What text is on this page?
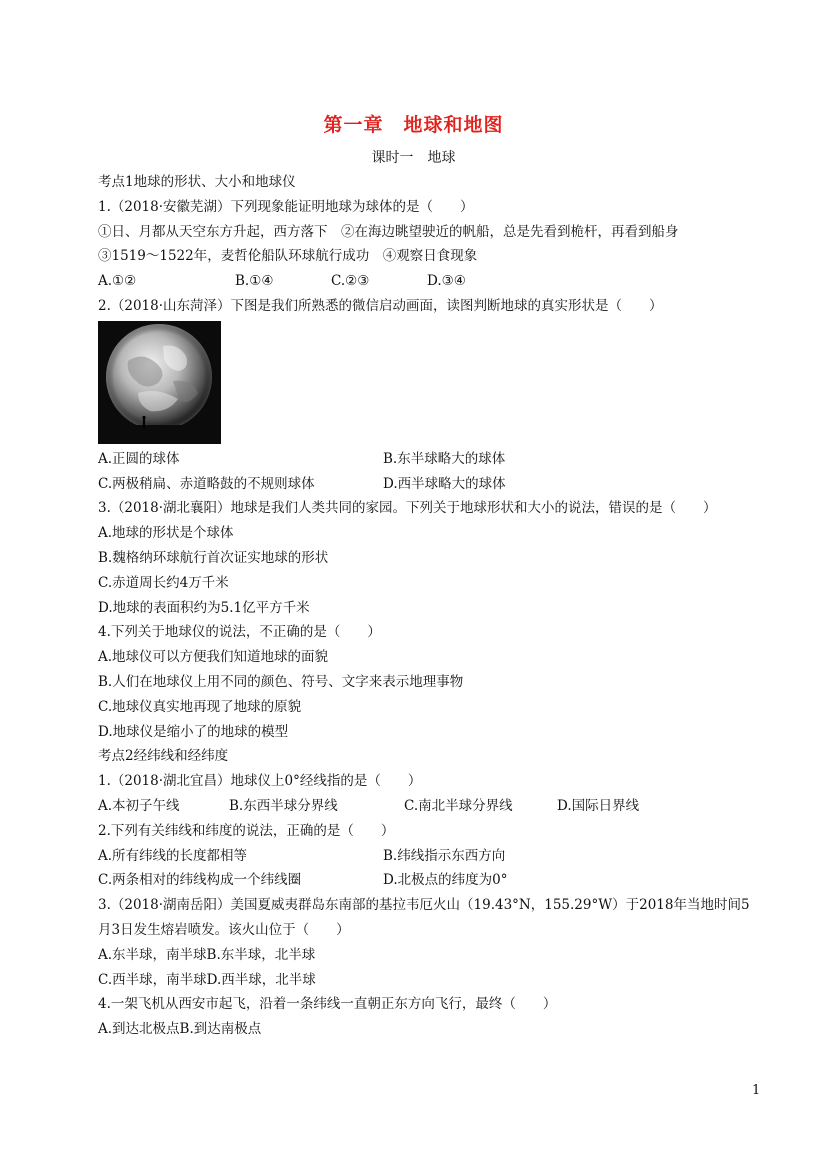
第一章　地球和地图
课时一　地球
考点1地球的形状、大小和地球仪
1.（2018·安徽芜湖）下列现象能证明地球为球体的是（　　）
①日、月都从天空东方升起，西方落下　②在海边眺望驶近的帆船，总是先看到桅杆，再看到船身
③1519～1522年，麦哲伦船队环球航行成功　④观察日食现象
A.①②	B.①④	C.②③	D.③④
2.（2018·山东菏泽）下图是我们所熟悉的微信启动画面，读图判断地球的真实形状是（　　）
A.正圆的球体	B.东半球略大的球体
C.两极稍扁、赤道略鼓的不规则球体	D.西半球略大的球体
3.（2018·湖北襄阳）地球是我们人类共同的家园。下列关于地球形状和大小的说法，错误的是（　　）
A.地球的形状是个球体
B.魏格纳环球航行首次证实地球的形状
C.赤道周长约4万千米
D.地球的表面积约为5.1亿平方千米
4.下列关于地球仪的说法，不正确的是（　　）
A.地球仪可以方便我们知道地球的面貌
B.人们在地球仪上用不同的颜色、符号、文字来表示地理事物
C.地球仪真实地再现了地球的原貌
D.地球仪是缩小了的地球的模型
考点2经纬线和经纬度
1.（2018·湖北宜昌）地球仪上0°经线指的是（　　）
A.本初子午线	B.东西半球分界线	C.南北半球分界线	D.国际日界线
2.下列有关纬线和纬度的说法，正确的是（　　）
A.所有纬线的长度都相等	B.纬线指示东西方向
C.两条相对的纬线构成一个纬线圈	D.北极点的纬度为0°
3.（2018·湖南岳阳）美国夏威夷群岛东南部的基拉韦厄火山（19.43°N，155.29°W）于2018年当地时间5月3日发生熔岩喷发。该火山位于（　　）
A.东半球，南半球B.东半球，北半球
C.西半球，南半球D.西半球，北半球
4.一架飞机从西安市起飞，沿着一条纬线一直朝正东方向飞行，最终（　　）
A.到达北极点B.到达南极点
1
